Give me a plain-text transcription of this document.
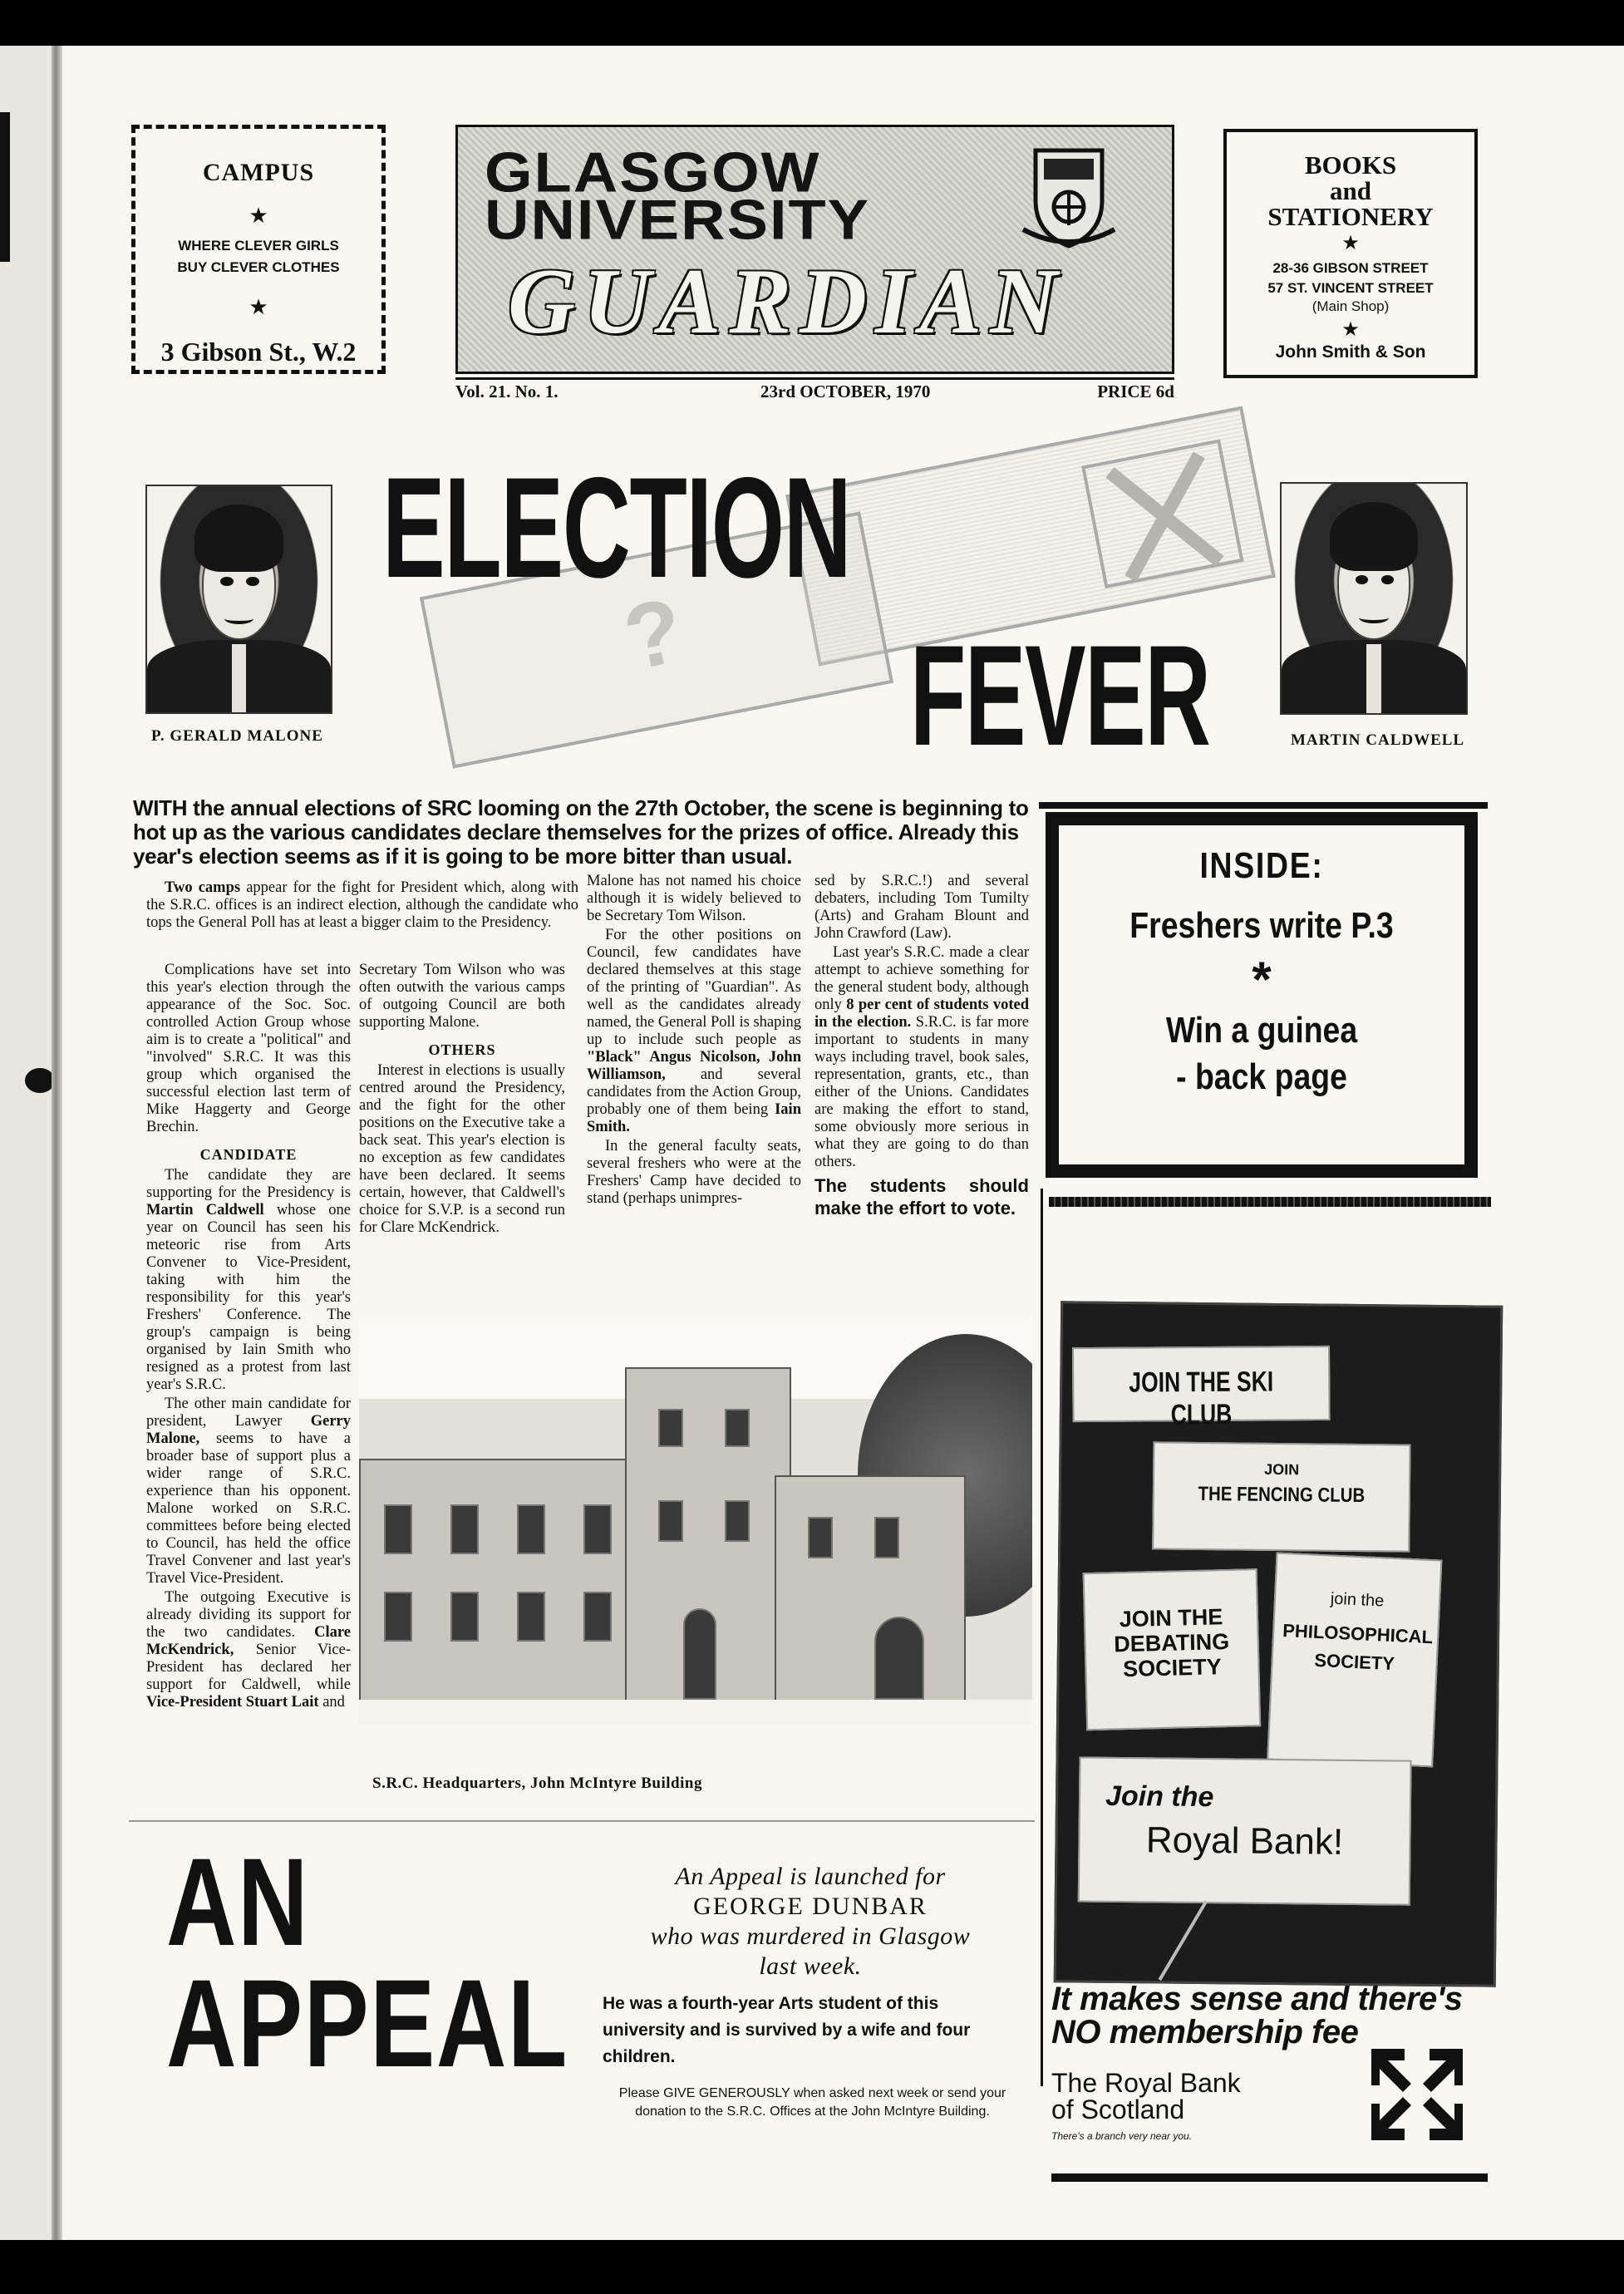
CAMPUS
★
WHERE CLEVER GIRLS
BUY CLEVER CLOTHES
★
3 Gibson St., W.2
GLASGOW
UNIVERSITY
GUARDIAN
Vol. 21. No. 1.	23rd OCTOBER, 1970	PRICE 6d
BOOKS
and
STATIONERY
★
28-36 GIBSON STREET
57 ST. VINCENT STREET
(Main Shop)
★
John Smith & Son
?
ELECTION
FEVER
P. GERALD MALONE	MARTIN CALDWELL
WITH the annual elections of SRC looming on the 27th October, the scene is beginning to hot up as the various candidates declare themselves for the prizes of office. Already this year's election seems as if it is going to be more bitter than usual.

Two camps appear for the fight for President which, along with the S.R.C. offices is an indirect election, although the candidate who tops the General Poll has at least a bigger claim to the Presidency.

Complications have set into this year's election through the appearance of the Soc. Soc. controlled Action Group whose aim is to create a "political" and "involved" S.R.C. It was this group which organised the successful election last term of Mike Haggerty and George Brechin.

CANDIDATE

The candidate they are supporting for the Presidency is Martin Caldwell whose one year on Council has seen his meteoric rise from Arts Convener to Vice-President, taking with him the responsibility for this year's Freshers' Conference. The group's campaign is being organised by Iain Smith who resigned as a protest from last year's S.R.C.

The other main candidate for president, Lawyer Gerry Malone, seems to have a broader base of support plus a wider range of S.R.C. experience than his opponent. Malone worked on S.R.C. committees before being elected to Council, has held the office Travel Convener and last year's Travel Vice-President.

The outgoing Executive is already dividing its support for the two candidates. Clare McKendrick, Senior Vice-President has declared her support for Caldwell, while Vice-President Stuart Lait and

Secretary Tom Wilson who was often outwith the various camps of outgoing Council are both supporting Malone.

OTHERS

Interest in elections is usually centred around the Presidency, and the fight for the other positions on the Executive take a back seat. This year's election is no exception as few candidates have been declared. It seems certain, however, that Caldwell's choice for S.V.P. is a second run for Clare McKendrick.

Malone has not named his choice although it is widely believed to be Secretary Tom Wilson.

For the other positions on Council, few candidates have declared themselves at this stage of the printing of "Guardian". As well as the candidates already named, the General Poll is shaping up to include such people as "Black" Angus Nicolson, John Williamson, and several candidates from the Action Group, probably one of them being Iain Smith.

In the general faculty seats, several freshers who were at the Freshers' Camp have decided to stand (perhaps unimpres-

sed by S.R.C.!) and several debaters, including Tom Tumilty (Arts) and Graham Blount and John Crawford (Law).

Last year's S.R.C. made a clear attempt to achieve something for the general student body, although only 8 per cent of students voted in the election. S.R.C. is far more important to students in many ways including travel, book sales, representation, grants, etc., than either of the Unions. Candidates are making the effort to stand, some obviously more serious in what they are going to do than others.

The students should make the effort to vote.

INSIDE:
Freshers write P.3
*
Win a guinea
- back page
S.R.C. Headquarters, John McIntyre Building
JOIN THE SKI CLUB
JOIN
THE FENCING CLUB
JOIN THE DEBATING SOCIETY
join the
PHILOSOPHICAL SOCIETY
Join the
Royal Bank!
AN
APPEAL
An Appeal is launched for
GEORGE DUNBAR
who was murdered in Glasgow
last week.
He was a fourth-year Arts student of this university and is survived by a wife and four children.
Please GIVE GENEROUSLY when asked next week or send your donation to the S.R.C. Offices at the John McIntyre Building.
It makes sense and there's
NO membership fee
The Royal Bank
of Scotland
There's a branch very near you.
